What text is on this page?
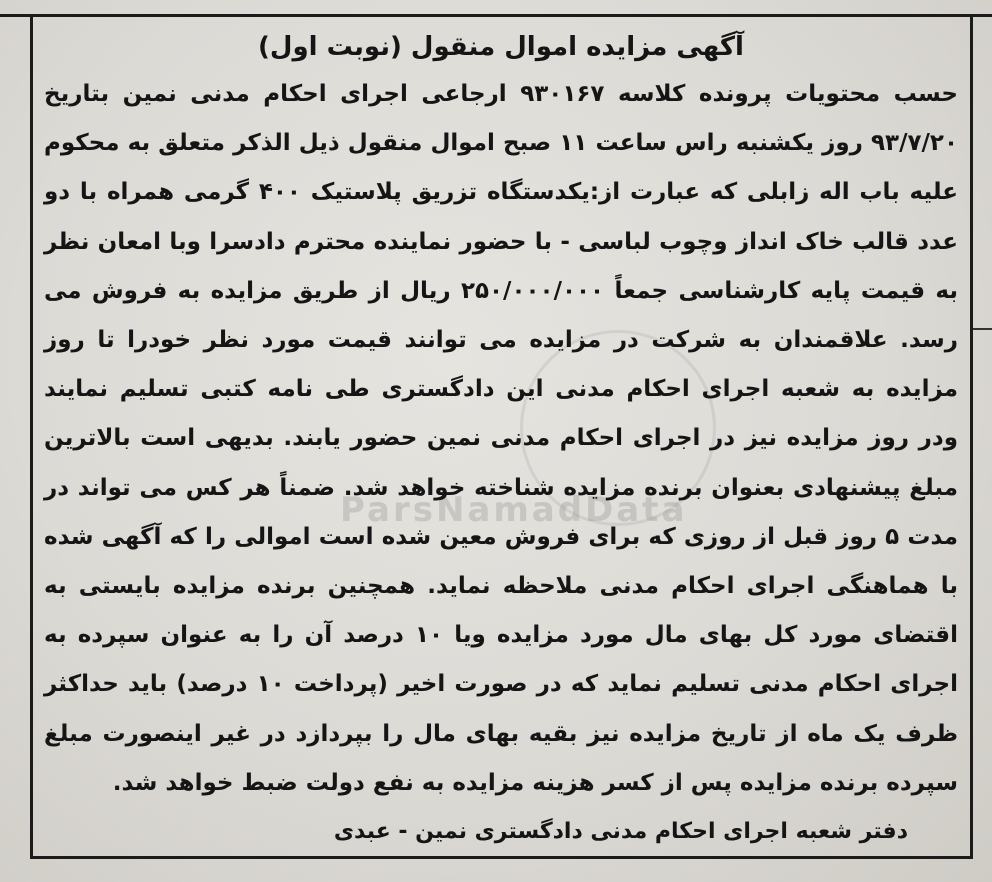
ParsNamadData
آگهی مزایده اموال منقول (نوبت اول)

حسب محتویات پرونده کلاسه ۹۳۰۱۶۷ ارجاعی اجرای احکام مدنی نمین بتاریخ ۹۳/۷/۲۰ روز یکشنبه راس ساعت ۱۱ صبح اموال منقول ذیل الذکر متعلق به محکوم علیه باب اله زابلی که عبارت از:یکدستگاه تزریق پلاستیک ۴۰۰ گرمی همراه با دو عدد قالب خاک انداز وچوب لباسی - با حضور نماینده محترم دادسرا وبا امعان نظر به قیمت پایه کارشناسی جمعاً ۲۵۰/۰۰۰/۰۰۰ ریال از طریق مزایده به فروش می رسد. علاقمندان به شرکت در مزایده می توانند قیمت مورد نظر خودرا تا روز مزایده به شعبه اجرای احکام مدنی این دادگستری طی نامه کتبی تسلیم نمایند ودر روز مزایده نیز در اجرای احکام مدنی نمین حضور یابند. بدیهی است بالاترین مبلغ پیشنهادی بعنوان برنده مزایده شناخته خواهد شد. ضمناً هر کس می تواند در مدت ۵ روز قبل از روزی که برای فروش معین شده است اموالی را که آگهی شده با هماهنگی اجرای احکام مدنی ملاحظه نماید. همچنین برنده مزایده بایستی به اقتضای مورد کل بهای مال مورد مزایده ویا ۱۰ درصد آن را به عنوان سپرده به اجرای احکام مدنی تسلیم نماید که در صورت اخیر (پرداخت ۱۰ درصد) باید حداکثر ظرف یک ماه از تاریخ مزایده نیز بقیه بهای مال را بپردازد در غیر اینصورت مبلغ سپرده برنده مزایده پس از کسر هزینه مزایده به نفع دولت ضبط خواهد شد.

دفتر شعبه اجرای احکام مدنی دادگستری نمین - عبدی
